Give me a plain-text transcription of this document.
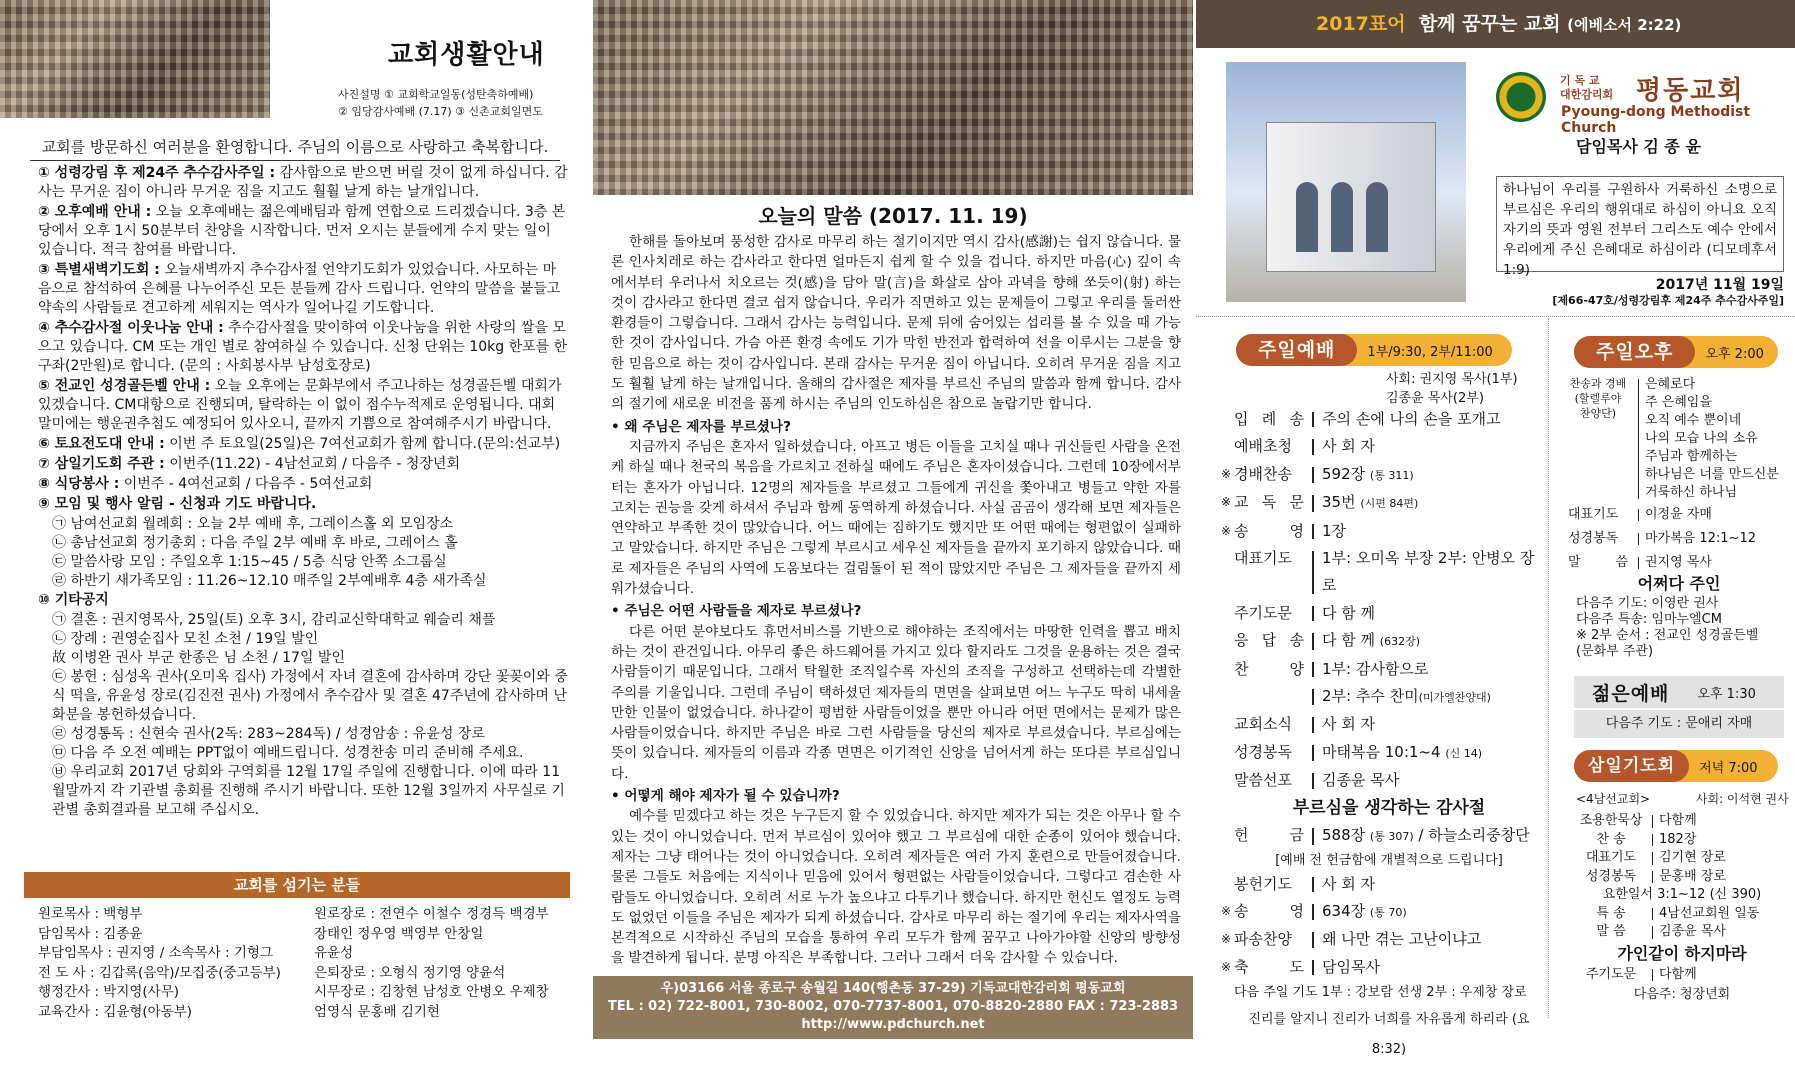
교회생활안내
사진설명 ① 교회학교일동(성탄축하예배)
② 임당감사예배 (7.17) ③ 신촌교회일면도
교회를 방문하신 여러분을 환영합니다. 주님의 이름으로 사랑하고 축복합니다.
① 성령강림 후 제24주 추수감사주일 : 감사함으로 받으면 버릴 것이 없게 하십니다. 감사는 무거운 짐이 아니라 무거운 짐을 지고도 훨훨 날게 하는 날개입니다.
② 오후예배 안내 : 오늘 오후예배는 젊은예배팀과 함께 연합으로 드리겠습니다. 3층 본당에서 오후 1시 50분부터 찬양을 시작합니다. 먼저 오시는 분들에게 수지 맞는 일이 있습니다. 적극 참여를 바랍니다.
③ 특별새벽기도회 : 오늘새벽까지 추수감사절 언약기도회가 있었습니다. 사모하는 마음으로 참석하여 은혜를 나누어주신 모든 분들께 감사 드립니다. 언약의 말씀을 붙들고 약속의 사람들로 견고하게 세워지는 역사가 일어나길 기도합니다.
④ 추수감사절 이웃나눔 안내 : 추수감사절을 맞이하여 이웃나눔을 위한 사랑의 쌀을 모으고 있습니다. CM 또는 개인 별로 참여하실 수 있습니다. 신청 단위는 10kg 한포를 한구좌(2만원)로 합니다. (문의 : 사회봉사부 남성호장로)
⑤ 전교인 성경골든벨 안내 : 오늘 오후에는 문화부에서 주고나하는 성경골든벨 대회가 있겠습니다. CM대항으로 진행되며, 탈락하는 이 없이 점수누적제로 운영됩니다. 대회 말미에는 행운권추첨도 예정되어 있사오니, 끝까지 기쁨으로 참여해주시기 바랍니다.
⑥ 토요전도대 안내 : 이번 주 토요일(25일)은 7여선교회가 함께 합니다.(문의:선교부)
⑦ 삼일기도회 주관 : 이번주(11.22) - 4남선교회 / 다음주 - 청장년회
⑧ 식당봉사 : 이번주 - 4여선교회 / 다음주 - 5여선교회
⑨ 모임 및 행사 알림 - 신청과 기도 바랍니다.
㉠ 남여선교회 월례회 : 오늘 2부 예배 후, 그레이스홀 외 모임장소
㉡ 총남선교회 정기총회 : 다음 주일 2부 예배 후 바로, 그레이스 홀
㉢ 말씀사랑 모임 : 주일오후 1:15~45 / 5층 식당 안쪽 소그룹실
㉣ 하반기 새가족모임 : 11.26~12.10 매주일 2부예배후 4층 새가족실
⑩ 기타공지
㉠ 결혼 : 권지영목사, 25일(토) 오후 3시, 감리교신학대학교 웨슬리 채플
㉡ 장례 : 권영순집사 모친 소천 / 19일 발인
故 이병완 권사 부군 한종은 님 소천 / 17일 발인
㉢ 봉헌 : 심성옥 권사(오미옥 집사) 가정에서 자녀 결혼에 감사하며 강단 꽃꽂이와 중식 떡을, 유윤성 장로(김진전 권사) 가정에서 추수감사 및 결혼 47주년에 감사하며 난 화분을 봉헌하셨습니다.
㉣ 성경통독 : 신현숙 권사(2독: 283~284독) / 성경암송 : 유윤성 장로
㉤ 다음 주 오전 예배는 PPT없이 예배드립니다. 성경찬송 미리 준비해 주세요.
㉥ 우리교회 2017년 당회와 구역회를 12월 17일 주일에 진행합니다. 이에 따라 11월말까지 각 기관별 총회를 진행해 주시기 바랍니다. 또한 12월 3일까지 사무실로 기관별 총회결과를 보고해 주십시오.
교회를 섬기는 분들
원로목사 : 백형부
담임목사 : 김종윤
부담임목사 : 권지영 / 소속목사 : 기형그
전 도 사 : 김갑록(음악)/모집중(중고등부)
행정간사 : 박지영(사무)
교육간사 : 김윤형(아동부)
원로장로 : 전연수 이철수 정경득 백경부
장태인 정우영 백영부 안창일
유윤성
은퇴장로 : 오형식 정기영 양윤석
시무장로 : 김창현 남성호 안병오 우제창
엄영식 문홍배 김기현
오늘의 말씀 (2017. 11. 19)

한해를 돌아보며 풍성한 감사로 마무리 하는 절기이지만 역시 감사(感謝)는 쉽지 않습니다. 물론 인사치레로 하는 감사라고 한다면 얼마든지 쉽게 할 수 있을 겁니다. 하지만 마음(心) 깊이 속에서부터 우러나서 치오르는 것(感)을 담아 말(言)을 화살로 삼아 과녁을 향해 쏘듯이(射) 하는 것이 감사라고 한다면 결코 쉽지 않습니다. 우리가 직면하고 있는 문제들이 그렇고 우리를 둘러싼 환경들이 그렇습니다. 그래서 감사는 능력입니다. 문제 뒤에 숨어있는 섭리를 볼 수 있을 때 가능한 것이 감사입니다. 가슴 아픈 환경 속에도 기가 막힌 반전과 합력하여 선을 이루시는 그분을 향한 믿음으로 하는 것이 감사입니다. 본래 감사는 무거운 짐이 아닙니다. 오히려 무거운 짐을 지고도 훨훨 날게 하는 날개입니다. 올해의 감사절은 제자를 부르신 주님의 말씀과 함께 합니다. 감사의 절기에 새로운 비전을 품게 하시는 주님의 인도하심은 참으로 놀랍기만 합니다.

• 왜 주님은 제자를 부르셨나?

지금까지 주님은 혼자서 일하셨습니다. 아프고 병든 이들을 고치실 때나 귀신들린 사람을 온전케 하실 때나 천국의 복음을 가르치고 전하실 때에도 주님은 혼자이셨습니다. 그런데 10장에서부터는 혼자가 아닙니다. 12명의 제자들을 부르셨고 그들에게 귀신을 쫓아내고 병들고 약한 자를 고치는 권능을 갖게 하셔서 주님과 함께 동역하게 하셨습니다. 사실 곰곰이 생각해 보면 제자들은 연약하고 부족한 것이 많았습니다. 어느 때에는 짐하기도 했지만 또 어떤 때에는 형편없이 실패하고 말았습니다. 하지만 주님은 그렇게 부르시고 세우신 제자들을 끝까지 포기하지 않았습니다. 때로 제자들은 주님의 사역에 도움보다는 걸림돌이 된 적이 많았지만 주님은 그 제자들을 끝까지 세워가셨습니다.

• 주님은 어떤 사람들을 제자로 부르셨나?

다른 어떤 분야보다도 휴먼서비스를 기반으로 해야하는 조직에서는 마땅한 인력을 뽑고 배치하는 것이 관건입니다. 아무리 좋은 하드웨어를 가지고 있다 할지라도 그것을 운용하는 것은 결국 사람들이기 때문입니다. 그래서 탁월한 조직일수록 자신의 조직을 구성하고 선택하는데 각별한 주의를 기울입니다. 그런데 주님이 택하셨던 제자들의 면면을 살펴보면 어느 누구도 딱히 내세울 만한 인물이 없었습니다. 하나같이 평범한 사람들이었을 뿐만 아니라 어떤 면에서는 문제가 많은 사람들이었습니다. 하지만 주님은 바로 그런 사람들을 당신의 제자로 부르셨습니다. 부르심에는 뜻이 있습니다. 제자들의 이름과 각종 면면은 이기적인 신앙을 넘어서게 하는 또다른 부르심입니다.

• 어떻게 해야 제자가 될 수 있습니까?

예수를 믿겠다고 하는 것은 누구든지 할 수 있었습니다. 하지만 제자가 되는 것은 아무나 할 수 있는 것이 아니었습니다. 먼저 부르심이 있어야 했고 그 부르심에 대한 순종이 있어야 했습니다. 제자는 그냥 태어나는 것이 아니었습니다. 오히려 제자들은 여러 가지 훈련으로 만들어졌습니다. 물론 그들도 처음에는 지식이나 믿음에 있어서 형편없는 사람들이었습니다. 그렇다고 겸손한 사람들도 아니었습니다. 오히려 서로 누가 높으냐고 다투기나 했습니다. 하지만 헌신도 열정도 능력도 없었던 이들을 주님은 제자가 되게 하셨습니다. 감사로 마무리 하는 절기에 우리는 제자사역을 본격적으로 시작하신 주님의 모습을 통하여 우리 모두가 함께 꿈꾸고 나아가야할 신앙의 방향성을 발견하게 됩니다. 분명 아직은 부족합니다. 그러나 그래서 더욱 감사할 수 있습니다.

우)03166 서울 종로구 송월길 140(행촌동 37-29) 기독교대한감리회 평동교회
TEL : 02) 722-8001, 730-8002, 070-7737-8001, 070-8820-2880 FAX : 723-2883
http://www.pdchurch.net
2017표어 함께 꿈꾸는 교회 (에베소서 2:22)
기 독 교
대한감리회 평동교회
Pyoung-dong Methodist Church
담임목사 김 종 윤
하나님이 우리를 구원하사 거룩하신 소명으로 부르심은 우리의 행위대로 하심이 아니요 오직 자기의 뜻과 영원 전부터 그리스도 예수 안에서 우리에게 주신 은혜대로 하심이라 (디모데후서 1:9)
2017년 11월 19일
[제66-47호/성령강림후 제24주 추수감사주일]
주일예배	1부/9:30, 2부/11:00
사회: 권지영 목사(1부)
김종윤 목사(2부)
입 례 송	주의 손에 나의 손을 포개고
예배초청	사 회 자
※ 경배찬송	592장 (통 311)
※ 교 독 문	35번 (시편 84편)
※ 송 영	1장
대표기도	1부: 오미옥 부장 2부: 안병오 장로
주기도문	다 함 께
응 답 송	다 함 께 (632장)
찬 양	1부: 감사함으로
2부: 추수 찬미(미가엘찬양대)
교회소식	사 회 자
성경봉독	마태복음 10:1~4 (신 14)
말씀선포	김종윤 목사
부르심을 생각하는 감사절
헌 금	588장 (통 307) / 하늘소리중창단
[예배 전 헌금함에 개별적으로 드립니다]
봉헌기도	사 회 자
※ 송 영	634장 (통 70)
※ 파송찬양	왜 나만 겪는 고난이냐고
※ 축 도	담임목사
다음 주일 기도 1부 : 강보람 선생 2부 : 우제창 장로
진리를 알지니 진리가 너희를 자유롭게 하리라 (요8:32)
주일오후	오후 2:00
찬송과 경배
(할렐루야
찬양단)
은혜로다
주 은혜임을
오직 예수 뿐이네
나의 모습 나의 소유
주님과 함께하는
하나님은 너를 만드신분
거룩하신 하나님
대표기도	이정윤 자매
성경봉독	마가복음 12:1~12
말 씀	권지영 목사
어쩌다 주인
다음주 기도: 이영란 권사
다음주 특송: 임마누엘CM
※ 2부 순서 : 전교인 성경골든벨
(문화부 주관)
젊은예배 오후 1:30
다음주 기도 : 문애리 자매
삼일기도회	저녁 7:00
<4남선교회>            사회: 이석현 권사
조용한묵상 다함께
찬 송	182장
대표기도	김기현 장로
성경봉독	문홍배 장로
요한일서 3:1~12 (신 390)
특 송	4남선교회원 일동
말 씀	김종윤 목사
가인같이 하지마라
주기도문	다함께
다음주: 청장년회
